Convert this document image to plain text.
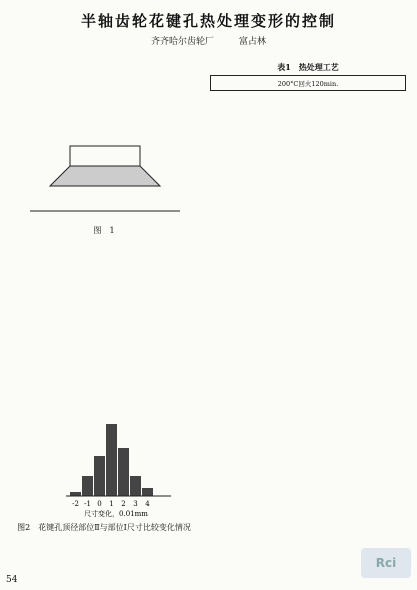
半轴齿轮花键孔热处理变形的控制
齐齐哈尔齿轮厂	富占林

图　1
-2 -1 0 1 2 3 4
尺寸变化，0.01mm
图2　花键孔顶径部位Ⅱ与部位Ⅰ尺寸比较变化情况
表1　热处理工艺
200°C回火120min.

54
Rci
